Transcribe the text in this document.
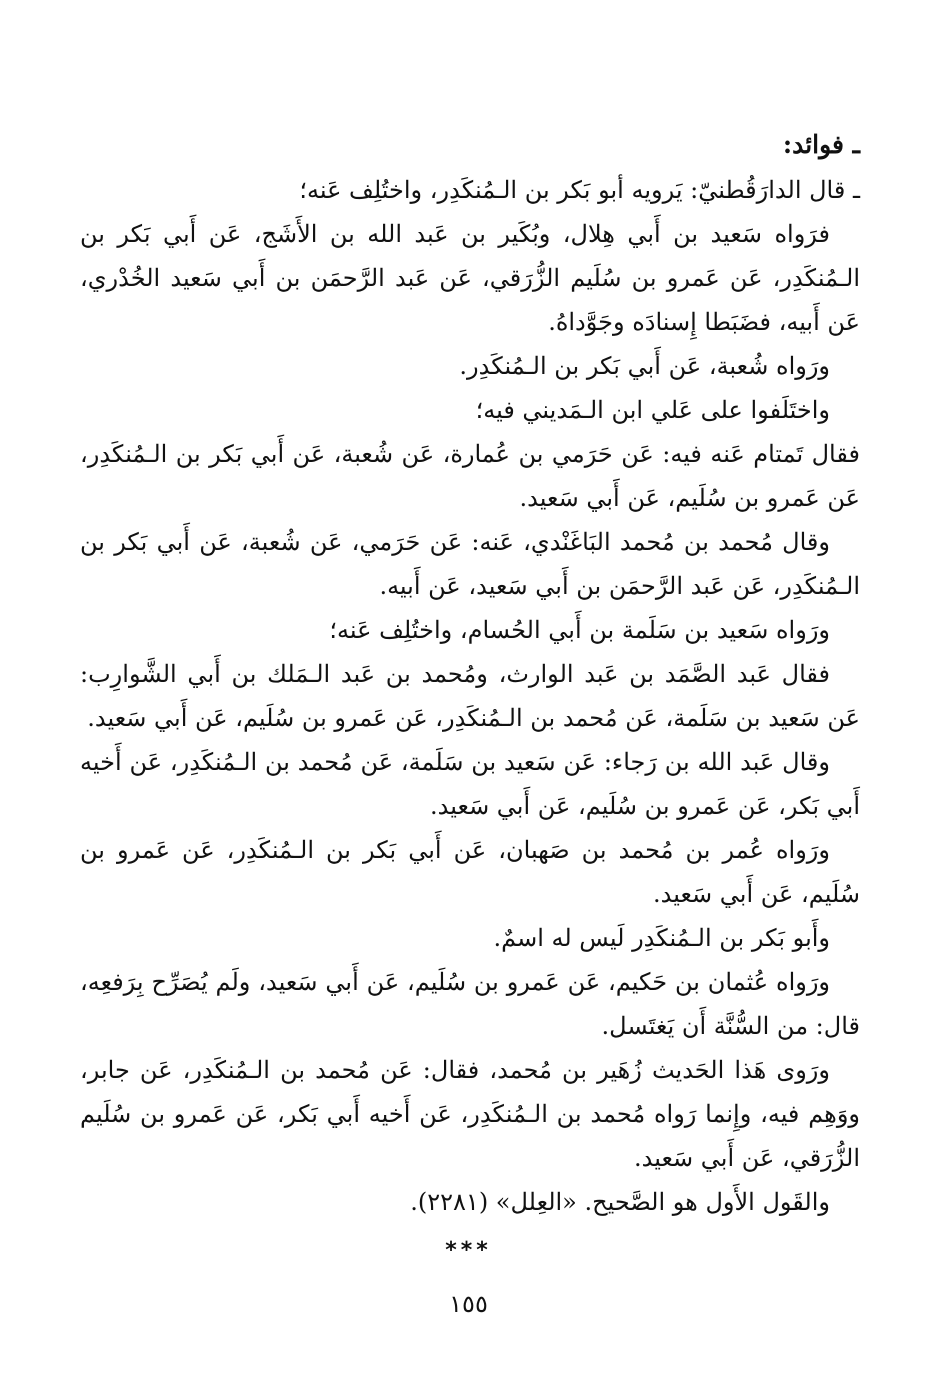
ـ فوائد:

ـ قال الدارَقُطنيّ: يَرويه أبو بَكر بن الـمُنكَدِر، واختُلِف عَنه؛

فرَواه سَعيد بن أَبي هِلال، وبُكَير بن عَبد الله بن الأَشَج، عَن أَبي بَكر بن الـمُنكَدِر، عَن عَمرو بن سُلَيم الزُّرَقي، عَن عَبد الرَّحمَن بن أَبي سَعيد الخُدْري، عَن أَبيه، فضَبَطا إِسنادَه وجَوَّداهُ.

ورَواه شُعبة، عَن أَبي بَكر بن الـمُنكَدِر.

واختَلَفوا على عَلي ابن الـمَديني فيه؛

فقال تَمتام عَنه فيه: عَن حَرَمي بن عُمارة، عَن شُعبة، عَن أَبي بَكر بن الـمُنكَدِر، عَن عَمرو بن سُلَيم، عَن أَبي سَعيد.

وقال مُحمد بن مُحمد البَاغَنْدي، عَنه: عَن حَرَمي، عَن شُعبة، عَن أَبي بَكر بن الـمُنكَدِر، عَن عَبد الرَّحمَن بن أَبي سَعيد، عَن أَبيه.

ورَواه سَعيد بن سَلَمة بن أَبي الحُسام، واختُلِف عَنه؛

فقال عَبد الصَّمَد بن عَبد الوارث، ومُحمد بن عَبد الـمَلك بن أَبي الشَّوارِب: عَن سَعيد بن سَلَمة، عَن مُحمد بن الـمُنكَدِر، عَن عَمرو بن سُلَيم، عَن أَبي سَعيد.

وقال عَبد الله بن رَجاء: عَن سَعيد بن سَلَمة، عَن مُحمد بن الـمُنكَدِر، عَن أَخيه أَبي بَكر، عَن عَمرو بن سُلَيم، عَن أَبي سَعيد.

ورَواه عُمر بن مُحمد بن صَهبان، عَن أَبي بَكر بن الـمُنكَدِر، عَن عَمرو بن سُلَيم، عَن أَبي سَعيد.

وأَبو بَكر بن الـمُنكَدِر لَيس له اسمٌ.

ورَواه عُثمان بن حَكيم، عَن عَمرو بن سُلَيم، عَن أَبي سَعيد، ولَم يُصَرِّح بِرَفعِه، قال: من السُّنَّة أَن يَغتَسل.

ورَوى هَذا الحَديث زُهَير بن مُحمد، فقال: عَن مُحمد بن الـمُنكَدِر، عَن جابر، ووَهِم فيه، وإِنما رَواه مُحمد بن الـمُنكَدِر، عَن أَخيه أَبي بَكر، عَن عَمرو بن سُلَيم الزُّرَقي، عَن أَبي سَعيد.

والقَول الأَول هو الصَّحيح. «العِلل» (٢٢٨١).

***
١٥٥
